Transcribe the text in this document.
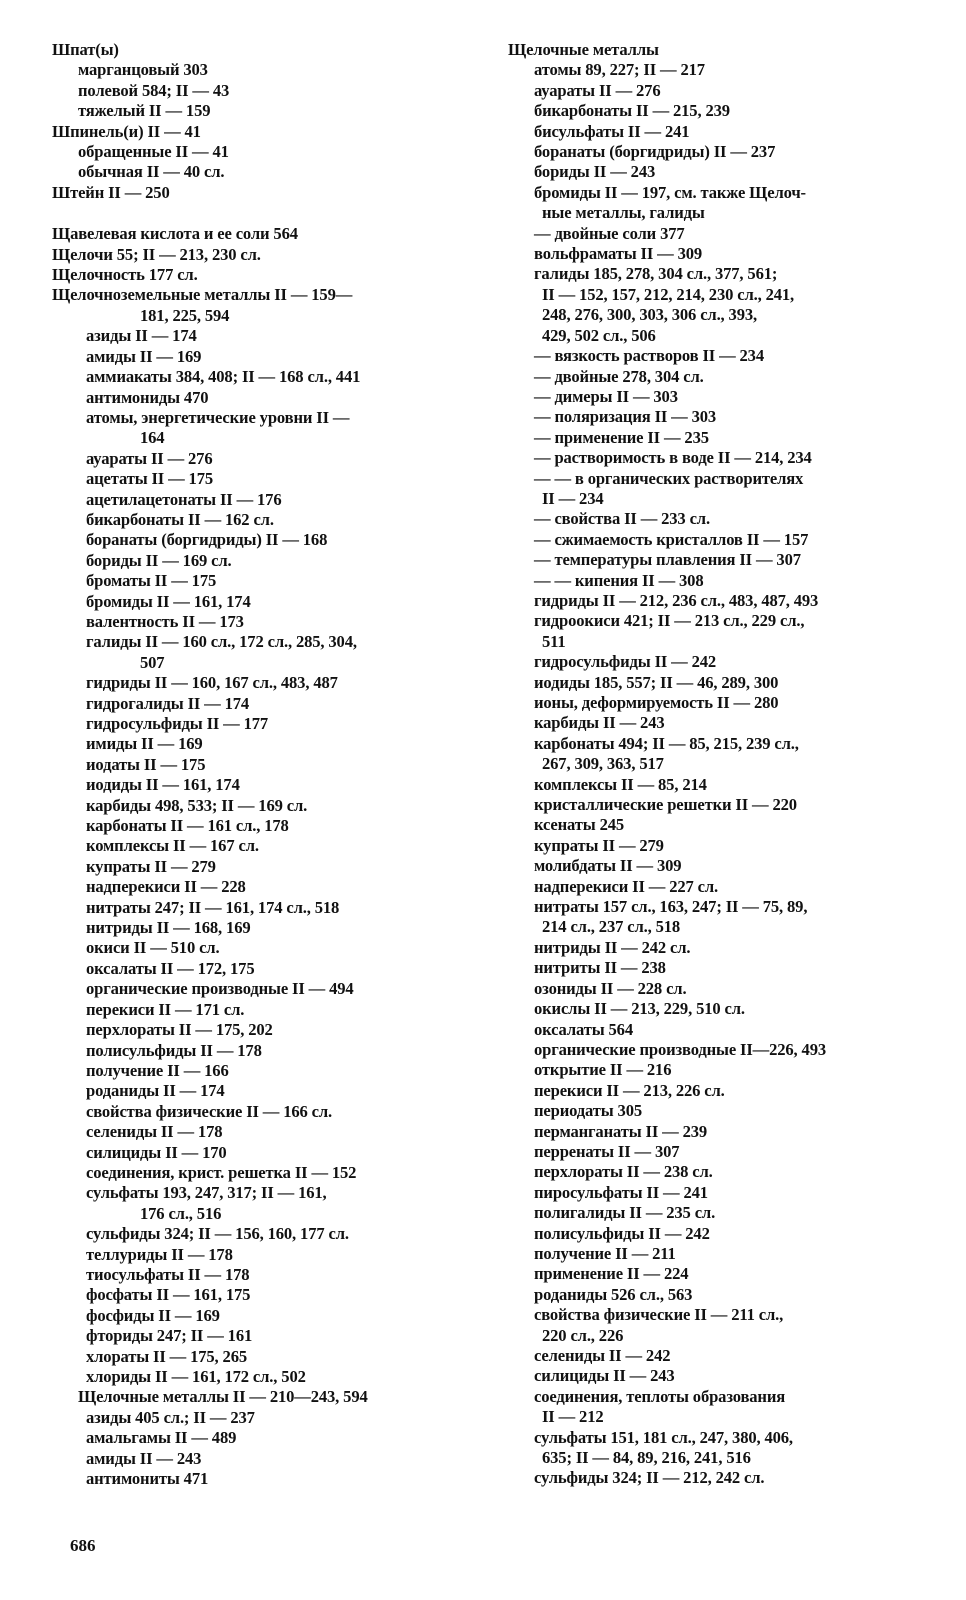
Шпат(ы)
марганцовый 303
полевой 584; II — 43
тяжелый II — 159
Шпинель(и) II — 41
обращенные II — 41
обычная II — 40 сл.
Штейн II — 250
Щавелевая кислота и ее соли 564
Щелочи 55; II — 213, 230 сл.
Щелочность 177 сл.
Щелочноземельные металлы II — 159—
181, 225, 594
азиды II — 174
амиды II — 169
аммиакаты 384, 408; II — 168 сл., 441
антимониды 470
атомы, энергетические уровни II —
164
ауараты II — 276
ацетаты II — 175
ацетилацетонаты II — 176
бикарбонаты II — 162 сл.
боранаты (боргидриды) II — 168
бориды II — 169 сл.
броматы II — 175
бромиды II — 161, 174
валентность II — 173
галиды II — 160 сл., 172 сл., 285, 304,
507
гидриды II — 160, 167 сл., 483, 487
гидрогалиды II — 174
гидросульфиды II — 177
имиды II — 169
иодаты II — 175
иодиды II — 161, 174
карбиды 498, 533; II — 169 сл.
карбонаты II — 161 сл., 178
комплексы II — 167 сл.
купраты II — 279
надперекиси II — 228
нитраты 247; II — 161, 174 сл., 518
нитриды II — 168, 169
окиси II — 510 сл.
оксалаты II — 172, 175
органические производные II — 494
перекиси II — 171 сл.
перхлораты II — 175, 202
полисульфиды II — 178
получение II — 166
роданиды II — 174
свойства физические II — 166 сл.
селениды II — 178
силициды II — 170
соединения, крист. решетка II — 152
сульфаты 193, 247, 317; II — 161,
176 сл., 516
сульфиды 324; II — 156, 160, 177 сл.
теллуриды II — 178
тиосульфаты II — 178
фосфаты II — 161, 175
фосфиды II — 169
фториды 247; II — 161
хлораты II — 175, 265
хлориды II — 161, 172 сл., 502
Щелочные металлы II — 210—243, 594
азиды 405 сл.; II — 237
амальгамы II — 489
амиды II — 243
антимониты 471
Щелочные металлы
атомы 89, 227; II — 217
ауараты II — 276
бикарбонаты II — 215, 239
бисульфаты II — 241
боранаты (боргидриды) II — 237
бориды II — 243
бромиды II — 197, см. также Щелоч-
ные металлы, галиды
— двойные соли 377
вольфраматы II — 309
галиды 185, 278, 304 сл., 377, 561;
II — 152, 157, 212, 214, 230 сл., 241,
248, 276, 300, 303, 306 сл., 393,
429, 502 сл., 506
— вязкость растворов II — 234
— двойные 278, 304 сл.
— димеры II — 303
— поляризация II — 303
— применение II — 235
— растворимость в воде II — 214, 234
— — в органических растворителях
II — 234
— свойства II — 233 сл.
— сжимаемость кристаллов II — 157
— температуры плавления II — 307
— — кипения II — 308
гидриды II — 212, 236 сл., 483, 487, 493
гидроокиси 421; II — 213 сл., 229 сл.,
511
гидросульфиды II — 242
иодиды 185, 557; II — 46, 289, 300
ионы, деформируемость II — 280
карбиды II — 243
карбонаты 494; II — 85, 215, 239 сл.,
267, 309, 363, 517
комплексы II — 85, 214
кристаллические решетки II — 220
ксенаты 245
купраты II — 279
молибдаты II — 309
надперекиси II — 227 сл.
нитраты 157 сл., 163, 247; II — 75, 89,
214 сл., 237 сл., 518
нитриды II — 242 сл.
нитриты II — 238
озониды II — 228 сл.
окислы II — 213, 229, 510 сл.
оксалаты 564
органические производные II—226, 493
открытие II — 216
перекиси II — 213, 226 сл.
периодаты 305
перманганаты II — 239
перренаты II — 307
перхлораты II — 238 сл.
пиросульфаты II — 241
полигалиды II — 235 сл.
полисульфиды II — 242
получение II — 211
применение II — 224
роданиды 526 сл., 563
свойства физические II — 211 сл.,
220 сл., 226
селениды II — 242
силициды II — 243
соединения, теплоты образования
II — 212
сульфаты 151, 181 сл., 247, 380, 406,
635; II — 84, 89, 216, 241, 516
сульфиды 324; II — 212, 242 сл.
686
